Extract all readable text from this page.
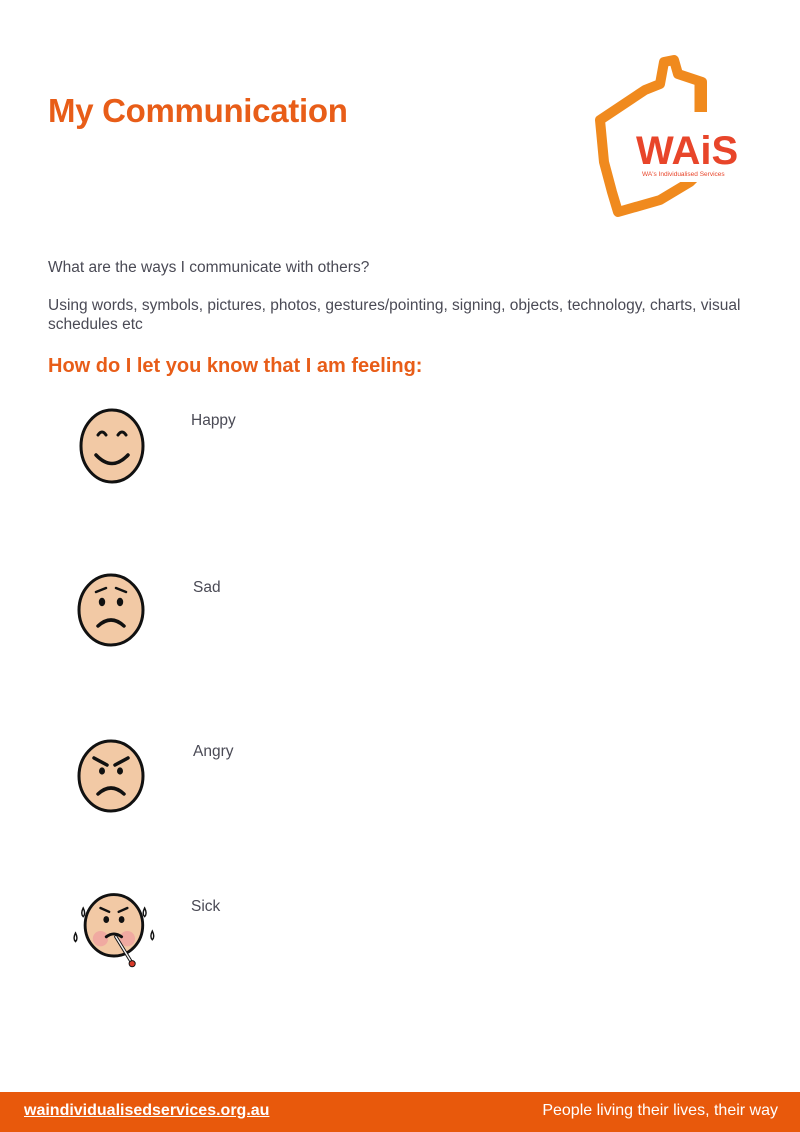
My Communication
WAiS
WA's Individualised Services

What are the ways I communicate with others?

Using words, symbols, pictures, photos, gestures/pointing, signing, objects, technology, charts, visual schedules etc

How do I let you know that I am feeling:
Happy
Sad
Angry
Sick
waindividualisedservices.org.au	People living their lives, their way
